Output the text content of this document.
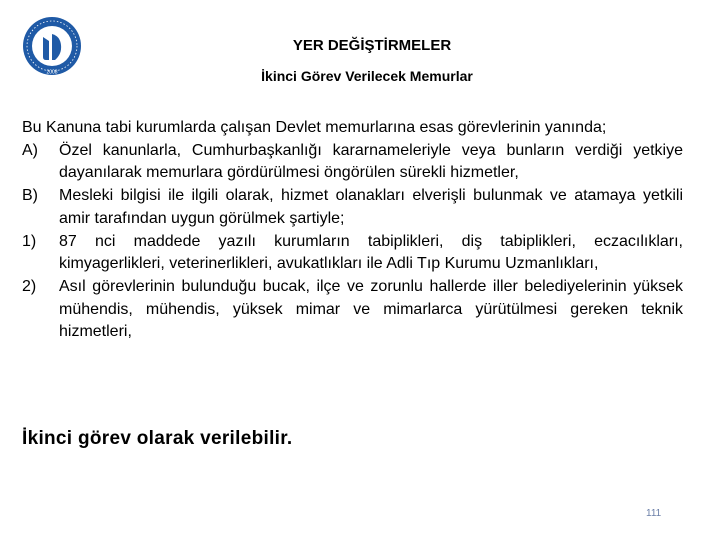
2008
YER DEĞİŞTİRMELER
İkinci Görev Verilecek Memurlar

Bu Kanuna tabi kurumlarda çalışan Devlet memurlarına esas görevlerinin yanında;

A) Özel kanunlarla, Cumhurbaşkanlığı kararnameleriyle veya bunların verdiği yetkiye dayanılarak memurlara gördürülmesi öngörülen sürekli hizmetler,
B) Mesleki bilgisi ile ilgili olarak, hizmet olanakları elverişli bulunmak ve atamaya yetkili amir tarafından uygun görülmek şartiyle;
1) 87 nci maddede yazılı kurumların tabiplikleri, diş tabiplikleri, eczacılıkları, kimyagerlikleri, veterinerlikleri, avukatlıkları ile Adli Tıp Kurumu Uzmanlıkları,
2) Asıl görevlerinin bulunduğu bucak, ilçe ve zorunlu hallerde iller belediyelerinin yüksek mühendis, mühendis, yüksek mimar ve mimarlarca yürütülmesi gereken teknik hizmetleri,
İkinci görev olarak verilebilir.
111
